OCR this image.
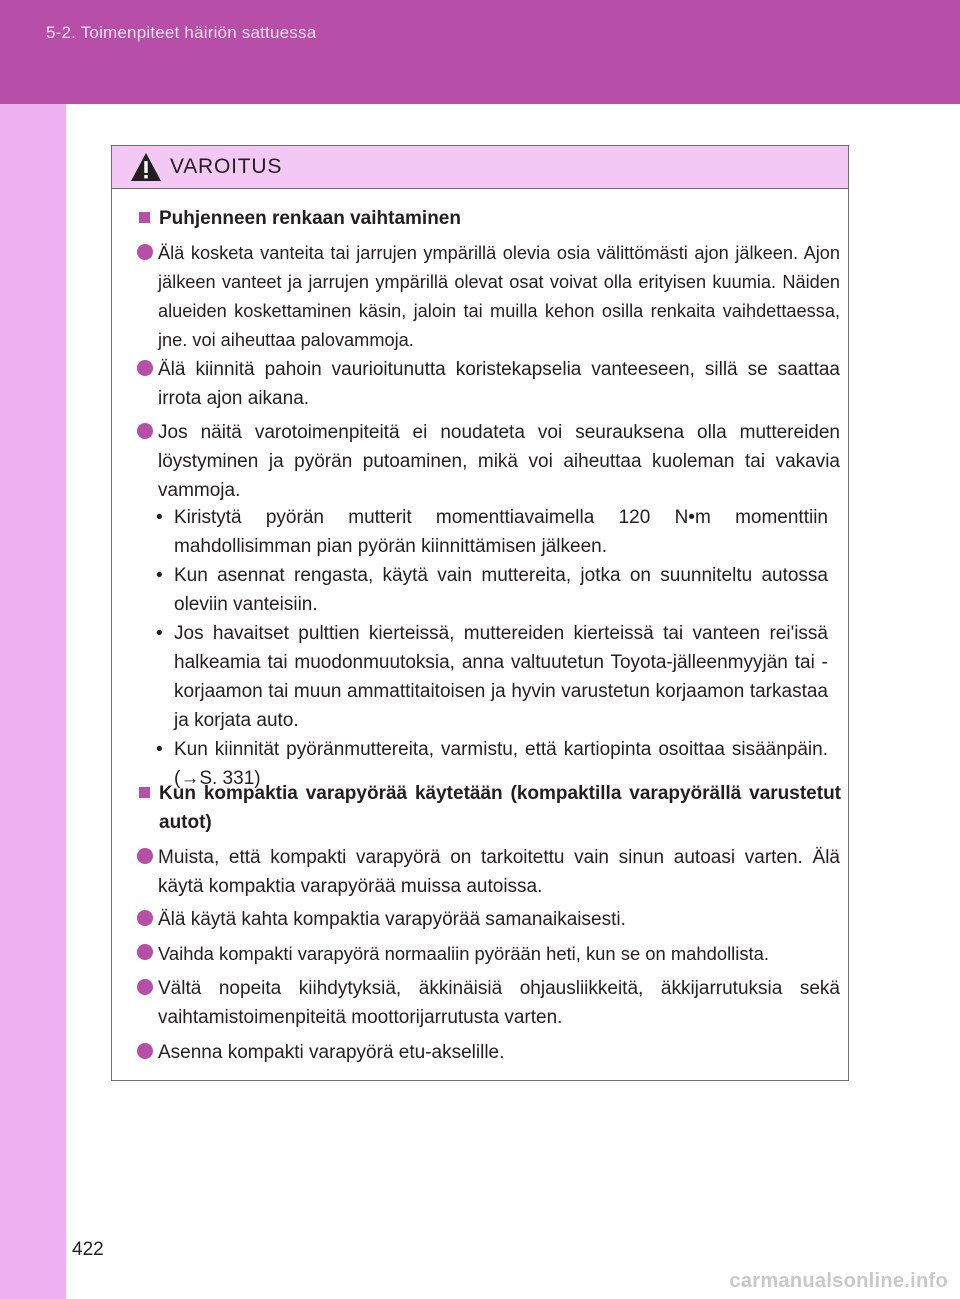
5-2. Toimenpiteet häiriön sattuessa
VAROITUS
Puhjenneen renkaan vaihtaminen
Älä kosketa vanteita tai jarrujen ympärillä olevia osia välittömästi ajon jälkeen. Ajon jälkeen vanteet ja jarrujen ympärillä olevat osat voivat olla erityisen kuumia. Näiden alueiden koskettaminen käsin, jaloin tai muilla kehon osilla renkaita vaihdettaessa, jne. voi aiheuttaa palovammoja.
Älä kiinnitä pahoin vaurioitunutta koristekapselia vanteeseen, sillä se saattaa irrota ajon aikana.
Jos näitä varotoimenpiteitä ei noudateta voi seurauksena olla muttereiden löystyminen ja pyörän putoaminen, mikä voi aiheuttaa kuoleman tai vakavia vammoja.
• Kiristytä pyörän mutterit momenttiavaimella 120 N•m momenttiin mahdollisimman pian pyörän kiinnittämisen jälkeen.
• Kun asennat rengasta, käytä vain muttereita, jotka on suunniteltu autossa oleviin vanteisiin.
• Jos havaitset pulttien kierteissä, muttereiden kierteissä tai vanteen rei'issä halkeamia tai muodonmuutoksia, anna valtuutetun Toyota-jälleenmyyjän tai -korjaamon tai muun ammattitaitoisen ja hyvin varustetun korjaamon tarkastaa ja korjata auto.
• Kun kiinnität pyöränmuttereita, varmistu, että kartiopinta osoittaa sisäänpäin. (→S. 331)
Kun kompaktia varapyörää käytetään (kompaktilla varapyörällä varustetut autot)
Muista, että kompakti varapyörä on tarkoitettu vain sinun autoasi varten. Älä käytä kompaktia varapyörää muissa autoissa.
Älä käytä kahta kompaktia varapyörää samanaikaisesti.
Vaihda kompakti varapyörä normaaliin pyörään heti, kun se on mahdollista.
Vältä nopeita kiihdytyksiä, äkkinäisiä ohjausliikkeitä, äkkijarrutuksia sekä vaihtamistoimenpiteitä moottorijarrutusta varten.
Asenna kompakti varapyörä etu-akselille.
422
carmanualsonline.info
